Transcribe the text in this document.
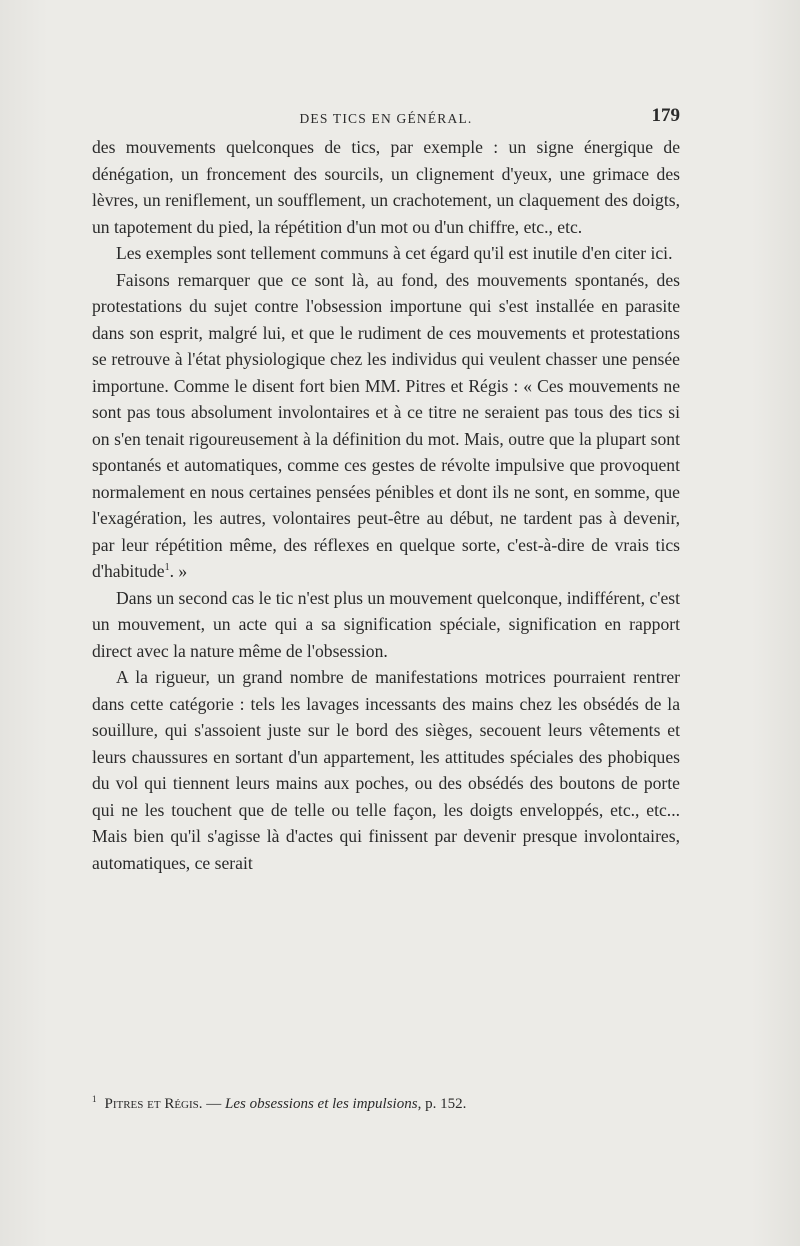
DES TICS EN GÉNÉRAL.	179

des mouvements quelconques de tics, par exemple : un signe énergique de dénégation, un froncement des sourcils, un clignement d'yeux, une grimace des lèvres, un reniflement, un soufflement, un crachotement, un claquement des doigts, un tapotement du pied, la répétition d'un mot ou d'un chiffre, etc., etc.

Les exemples sont tellement communs à cet égard qu'il est inutile d'en citer ici.

Faisons remarquer que ce sont là, au fond, des mouvements spontanés, des protestations du sujet contre l'obsession importune qui s'est installée en parasite dans son esprit, malgré lui, et que le rudiment de ces mouvements et protestations se retrouve à l'état physiologique chez les individus qui veulent chasser une pensée importune. Comme le disent fort bien MM. Pitres et Régis : « Ces mouvements ne sont pas tous absolument involontaires et à ce titre ne seraient pas tous des tics si on s'en tenait rigoureusement à la définition du mot. Mais, outre que la plupart sont spontanés et automatiques, comme ces gestes de révolte impulsive que provoquent normalement en nous certaines pensées pénibles et dont ils ne sont, en somme, que l'exagération, les autres, volontaires peut-être au début, ne tardent pas à devenir, par leur répétition même, des réflexes en quelque sorte, c'est-à-dire de vrais tics d'habitude$^1$. »

Dans un second cas le tic n'est plus un mouvement quelconque, indifférent, c'est un mouvement, un acte qui a sa signification spéciale, signification en rapport direct avec la nature même de l'obsession.

A la rigueur, un grand nombre de manifestations motrices pourraient rentrer dans cette catégorie : tels les lavages incessants des mains chez les obsédés de la souillure, qui s'assoient juste sur le bord des sièges, secouent leurs vêtements et leurs chaussures en sortant d'un appartement, les attitudes spéciales des phobiques du vol qui tiennent leurs mains aux poches, ou des obsédés des boutons de porte qui ne les touchent que de telle ou telle façon, les doigts enveloppés, etc., etc... Mais bien qu'il s'agisse là d'actes qui finissent par devenir presque involontaires, automatiques, ce serait

$^1$ Pitres et Régis. — Les obsessions et les impulsions, p. 152.
